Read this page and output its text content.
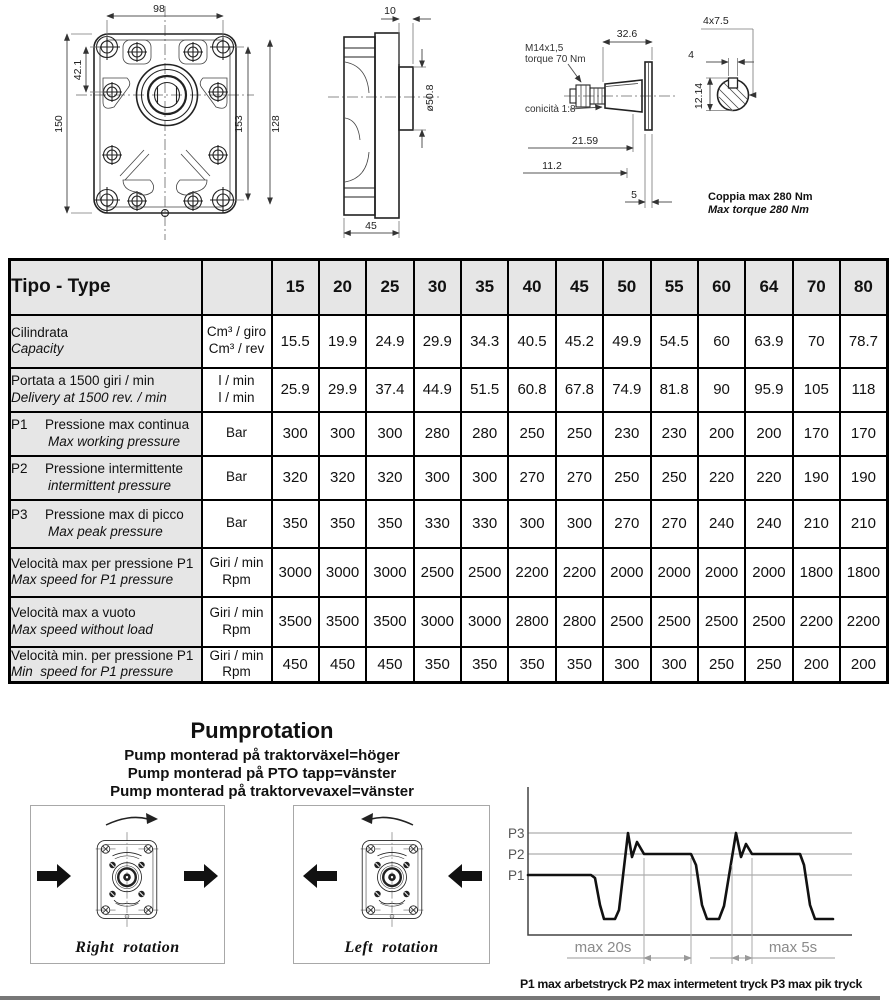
98
42.1
150	153 128
10
ø50.8
45
M14x1,5
torque 70 Nm
conicità 1:8
32.6
21.59
11.2
5
4x7.5
4
12.14
Coppia max 280 Nm
Max torque 280 Nm
Tipo - Type		15	20	25	30	35	40	45	50	55	60	64	70	80

Cilindrata
Capacity

Cm³ / giro
Cm³ / rev	15.5	19.9	24.9	29.9	34.3	40.5	45.2	49.9	54.5	60	63.9	70	78.7

Portata a 1500 giri / min
Delivery at 1500 rev. / min

l / min
l / min	25.9	29.9	37.4	44.9	51.5	60.8	67.8	74.9	81.8	90	95.9	105	118

P1 Pressione max continua
Max working pressure	Bar	300	300	300	280	280	250	250	230	230	200	200	170	170

P2 Pressione intermittente
intermittent pressure	Bar	320	320	320	300	300	270	270	250	250	220	220	190	190

P3 Pressione max di picco
Max peak pressure	Bar	350	350	350	330	330	300	300	270	270	240	240	210	210

Velocità max per pressione P1
Max speed for P1 pressure

Giri / min
Rpm	3000	3000	3000	2500	2500	2200	2200	2000	2000	2000	2000	1800	1800

Velocità max a vuoto
Max speed without load

Giri / min
Rpm	3500	3500	3500	3000	3000	2800	2800	2500	2500	2500	2500	2200	2200

Velocità min. per pressione P1
Min  speed for P1 pressure

Giri / min
Rpm	450	450	450	350	350	350	350	300	300	250	250	200	200
Pumprotation
Pump monterad på traktorväxel=höger
Pump monterad på PTO tapp=vänster
Pump monterad på traktorvevaxel=vänster
Right  rotation	Left  rotation
P3
P2
P1
max 20s	max 5s
P1 max arbetstryck P2 max intermetent tryck P3 max pik tryck
